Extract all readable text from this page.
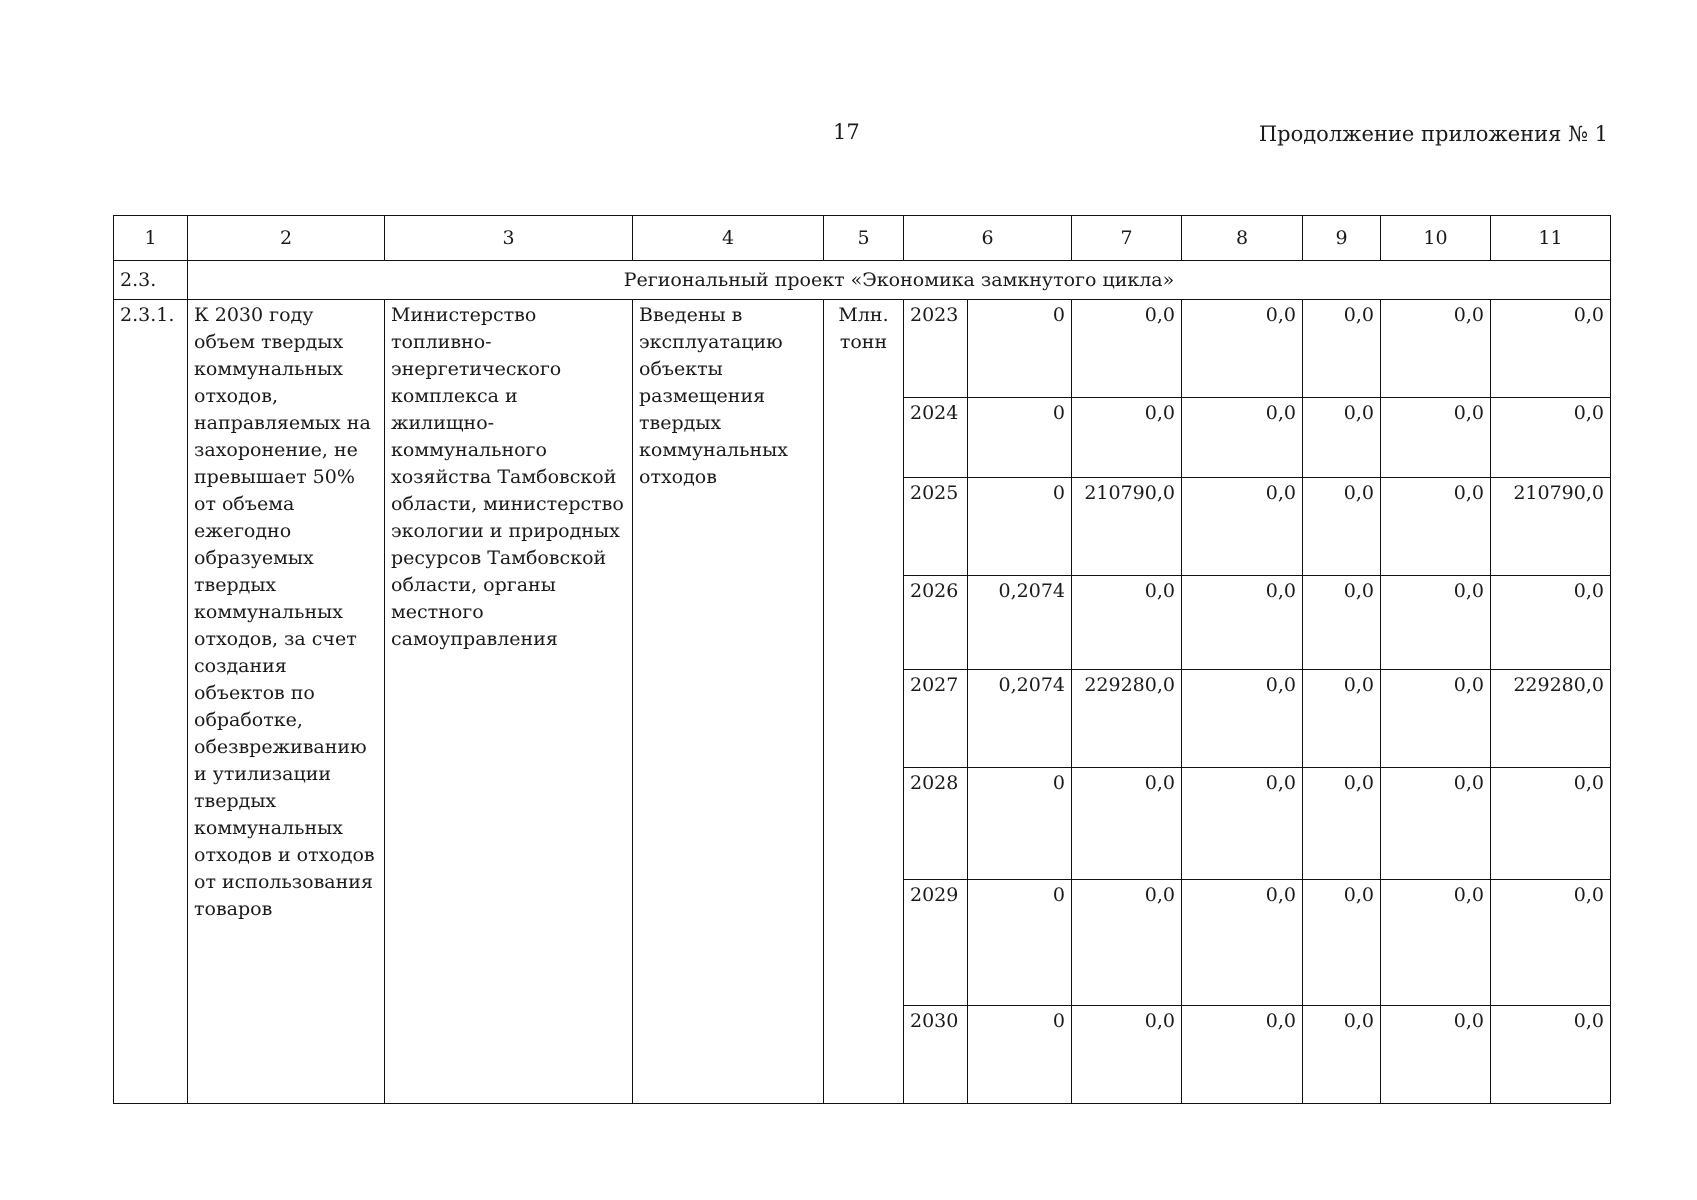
17	Продолжение приложения № 1
1	2	3	4	5	6		7	8	9	10	11
2.3.	Региональный проект «Экономика замкнутого цикла»										
2.3.1.	К 2030 году объем твердых коммунальных отходов, направляемых на захоронение, не превышает 50% от объема ежегодно образуемых твердых коммунальных отходов, за счет создания объектов по обработке, обезвреживанию и утилизации твердых коммунальных отходов и отходов от использования товаров	Министерство топливно-энергетического комплекса и жилищно-коммунального хозяйства Тамбовской области, министерство экологии и природных ресурсов Тамбовской области, органы местного самоуправления	Введены в эксплуатацию объекты размещения твердых коммунальных отходов	Млн. тонн	2023	0	0,0	0,0	0,0	0,0	0,0
					2024	0	0,0	0,0	0,0	0,0	0,0
					2025	0	210790,0	0,0	0,0	0,0	210790,0
					2026	0,2074	0,0	0,0	0,0	0,0	0,0
					2027	0,2074	229280,0	0,0	0,0	0,0	229280,0
					2028	0	0,0	0,0	0,0	0,0	0,0
					2029	0	0,0	0,0	0,0	0,0	0,0
					2030	0	0,0	0,0	0,0	0,0	0,0
